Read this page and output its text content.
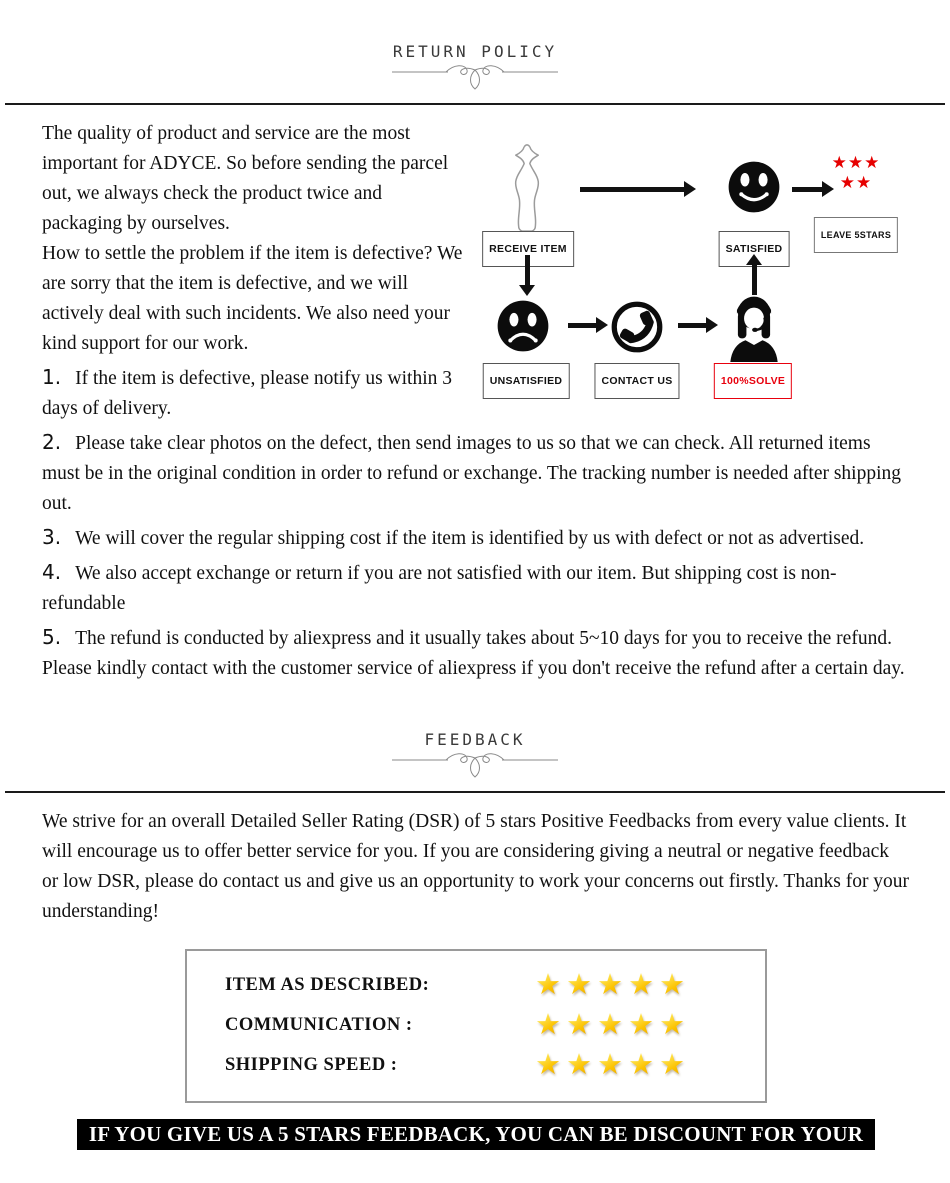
RETURN POLICY
RECEIVE ITEM	SATISFIED
★★★
★★
LEAVE 5STARS
UNSATISFIED	CONTACT US	100%SOLVE

The quality of product and service are the most important for ADYCE. So before sending the parcel out, we always check the product twice and packaging by ourselves.

How to settle the problem if the item is defective? We are sorry that the item is defective, and we will actively deal with such incidents. We also need your kind support for our work.

1. If the item is defective, please notify us within 3 days of delivery.
2. Please take clear photos on the defect, then send images to us so that we can check. All returned items must be in the original condition in order to refund or exchange. The tracking number is needed after shipping out.
3. We will cover the regular shipping cost if the item is identified by us with defect or not as advertised.
4. We also accept exchange or return if you are not satisfied with our item. But shipping cost is non-refundable
5. The refund is conducted by aliexpress and it usually takes about 5~10 days for you to receive the refund. Please kindly contact with the customer service of aliexpress if you don't receive the refund after a certain day.
FEEDBACK

We strive for an overall Detailed Seller Rating (DSR) of 5 stars Positive Feedbacks from every value clients. It will encourage us to offer better service for you. If you are considering giving a neutral or negative feedback or low DSR, please do contact us and give us an opportunity to work your concerns out firstly. Thanks for your understanding!

ITEM AS DESCRIBED:	★★★★★
COMMUNICATION :	★★★★★
SHIPPING SPEED :	★★★★★
IF YOU GIVE US A 5 STARS FEEDBACK, YOU CAN BE DISCOUNT FOR YOUR NEXT ORDER
